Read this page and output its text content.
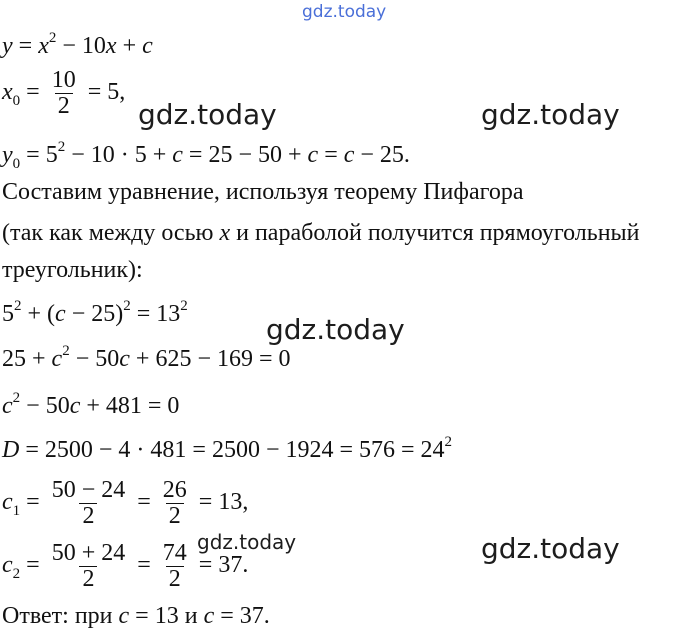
gdz.today
gdz.today	gdz.today
gdz.today
gdz.today	gdz.today
$y = x^2 - 10x + c$
$x_0 = \frac{10}{2} = 5$,
$y_0 = 5^2 - 10 \cdot 5 + c = 25 - 50 + c = c - 25$.
Составим уравнение, используя теорему Пифагора
(так как между осью x и параболой получится прямоугольный
треугольник):
$5^2 + (c - 25)^2 = 13^2$
$25 + c^2 - 50c + 625 - 169 = 0$
$c^2 - 50c + 481 = 0$
$D = 2500 - 4 \cdot 481 = 2500 - 1924 = 576 = 24^2$
$c_1 = \frac{50 - 24}{2} = \frac{26}{2} = 13$,
$c_2 = \frac{50 + 24}{2} = \frac{74}{2} = 37$.
Ответ: при c = 13 и c = 37.
